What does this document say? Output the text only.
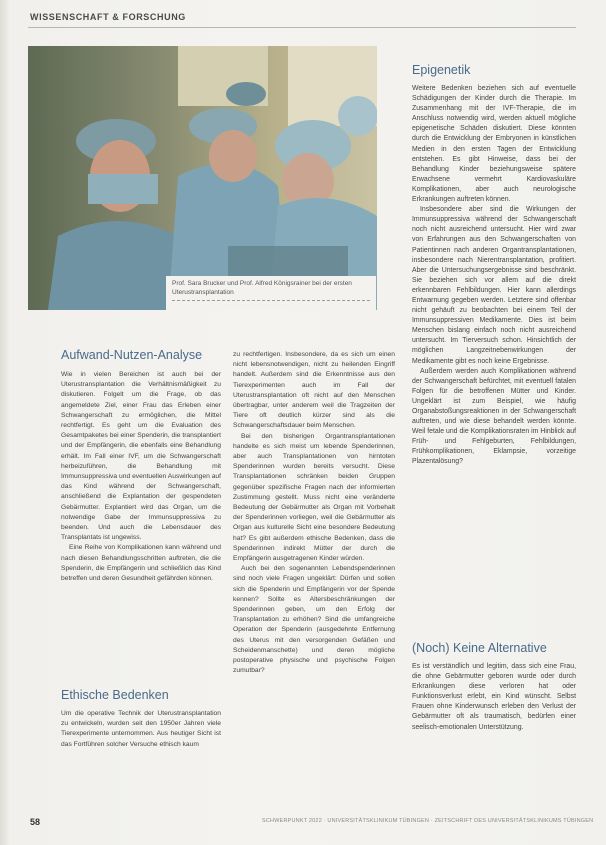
WISSENSCHAFT & FORSCHUNG
Prof. Sara Brucker und Prof. Alfred Königsrainer bei der ersten Uterustransplantation
Epigenetik

Weitere Bedenken beziehen sich auf eventuelle Schädigungen der Kinder durch die Therapie. Im Zusammenhang mit der IVF-Therapie, die im Anschluss notwendig wird, werden aktuell mögliche epigenetische Schäden diskutiert. Diese könnten durch die Entwicklung der Embryonen in künstlichen Medien in den ersten Tagen der Entwicklung entstehen. Es gibt Hinweise, dass bei der Behandlung Kinder beziehungsweise spätere Erwachsene vermehrt Kardiovaskuläre Komplikationen, aber auch neurologische Erkrankungen auftreten können.

Insbesondere aber sind die Wirkungen der Immunsuppressiva während der Schwangerschaft noch nicht ausreichend untersucht. Hier wird zwar von Erfahrungen aus den Schwangerschaften von Patientinnen nach anderen Organtransplantationen, insbesondere nach Nierentransplantation, profitiert. Aber die Untersuchungsergebnisse sind beschränkt. Sie beziehen sich vor allem auf die direkt erkennbaren Fehlbildungen. Hier kann allerdings Entwarnung gegeben werden. Letztere sind offenbar nicht gehäuft zu beobachten bei einem Teil der Immunsuppressiven Medikamente. Dies ist beim Menschen bislang einfach noch nicht ausreichend untersucht. Im Tierversuch schon. Hinsichtlich der möglichen Langzeitnebenwirkungen der Medikamente gibt es noch keine Ergebnisse.

Außerdem werden auch Komplikationen während der Schwangerschaft befürchtet, mit eventuell fatalen Folgen für die betroffenen Mütter und Kinder. Ungeklärt ist zum Beispiel, wie häufig Organabstoßungsreaktionen in der Schwangerschaft auftreten, und wie diese behandelt werden könnte. Weil fetale und die Komplikationsraten im Hinblick auf Früh- und Fehlgeburten, Fehlbildungen, Frühkomplikationen, Eklampsie, vorzeitige Plazentalösung?

(Noch) Keine Alternative

Es ist verständlich und legitim, dass sich eine Frau, die ohne Gebärmutter geboren wurde oder durch Erkrankungen diese verloren hat oder Funktionsverlust erlebt, ein Kind wünscht. Selbst Frauen ohne Kinderwunsch erleben den Verlust der Gebärmutter oft als traumatisch, bedürfen einer seelisch-emotionalen Unterstützung.

Aufwand-Nutzen-Analyse

Wie in vielen Bereichen ist auch bei der Uterustransplantation die Verhältnismäßigkeit zu diskutieren. Folgelt um die Frage, ob das angemeldete Ziel, einer Frau das Erleben einer Schwangerschaft zu ermöglichen, die Mittel rechtfertigt. Es geht um die Evaluation des Gesamtpaketes bei einer Spenderin, die transplantiert und der Empfängerin, die ebenfalls eine Behandlung erhält. Im Fall einer IVF, um die Schwangerschaft herbeizuführen, die Behandlung mit Immunsuppressiva und eventuellen Auswirkungen auf das Kind während der Schwangerschaft, anschließend die Explantation der gespendeten Gebärmutter. Explantiert wird das Organ, um die notwendige Gabe der Immunsuppressiva zu beenden. Und auch die Lebensdauer des Transplantats ist ungewiss.

Eine Reihe von Komplikationen kann während und nach diesen Behandlungsschritten auftreten, die die Spenderin, die Empfängerin und schließlich das Kind betreffen und deren Gesundheit gefährden können.

Ethische Bedenken

Um die operative Technik der Uterustransplantation zu entwickeln, wurden seit den 1950er Jahren viele Tierexperimente unternommen. Aus heutiger Sicht ist das Fortführen solcher Versuche ethisch kaum

zu rechtfertigen. Insbesondere, da es sich um einen nicht lebensnotwendigen, nicht zu heilenden Eingriff handelt. Außerdem sind die Erkenntnisse aus den Tierexperimenten auch im Fall der Uterustransplantation oft nicht auf den Menschen übertragbar, unter anderem weil die Tragzeiten der Tiere oft deutlich kürzer sind als die Schwangerschaftsdauer beim Menschen.

Bei den bisherigen Organtransplantationen handelte es sich meist um lebende Spenderinnen, aber auch Transplantationen von hirntoten Spenderinnen wurden bereits versucht. Diese Transplantationen schränken beiden Gruppen gegenüber spezifische Fragen nach der informierten Zustimmung gestellt. Muss nicht eine veränderte Bedeutung der Gebärmutter als Organ mit Vorbehalt der Spenderinnen vorliegen, weil die Gebärmutter als Organ aus kulturelle Sicht eine besondere Bedeutung hat? Es gibt außerdem ethische Bedenken, dass die Spenderinnen indirekt Mütter der durch die Empfängerin ausgetragenen Kinder würden.

Auch bei den sogenannten Lebendspenderinnen sind noch viele Fragen ungeklärt: Dürfen und sollen sich die Spenderin und Empfängerin vor der Spende kennen? Sollte es Altersbeschränkungen der Spenderinnen geben, um den Erfolg der Transplantation zu erhöhen? Sind die umfangreiche Operation der Spenderin (ausgedehnte Entfernung des Uterus mit den versorgenden Gefäßen und Scheidenmanschette) und deren mögliche postoperative physische und psychische Folgen zumutbar?

58	SCHWERPUNKT 2022 · UNIVERSITÄTSKLINIKUM TÜBINGEN · ZEITSCHRIFT DES UNIVERSITÄTSKLINIKUMS TÜBINGEN
